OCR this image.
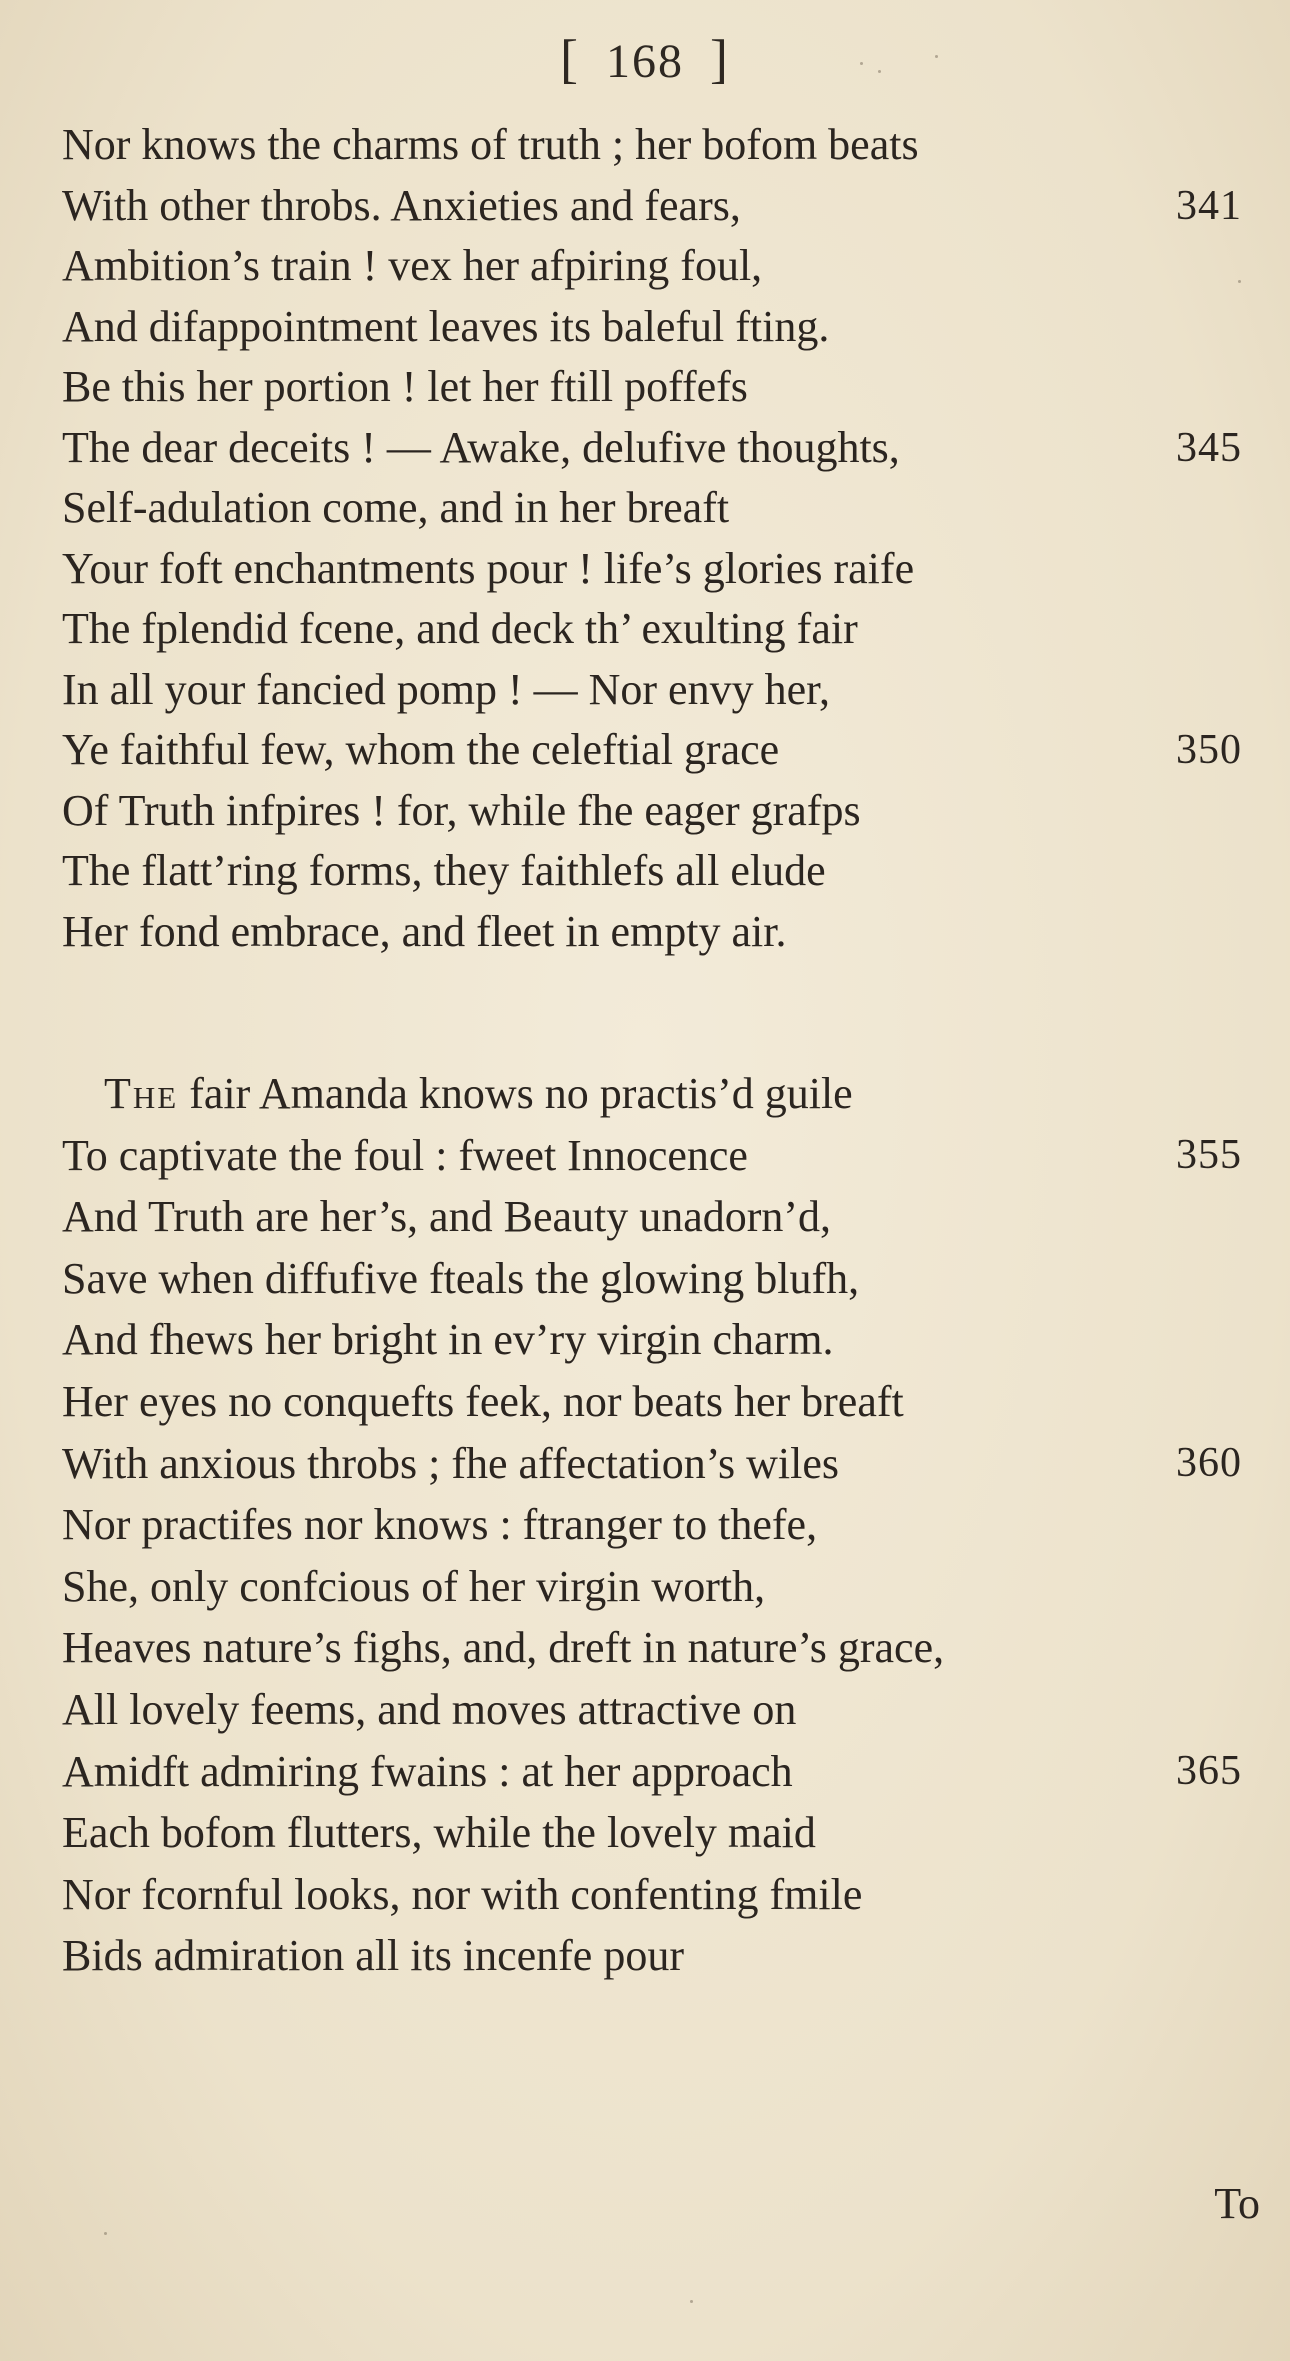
[ 168 ]
Nor knows the charms of truth ; her bofom beats
With other throbs. Anxieties and fears,	341
Ambition’s train ! vex her afpiring foul,
And difappointment leaves its baleful fting.
Be this her portion ! let her ftill poffefs
The dear deceits ! — Awake, delufive thoughts,	345
Self-adulation come, and in her breaft
Your foft enchantments pour ! life’s glories raife
The fplendid fcene, and deck th’ exulting fair
In all your fancied pomp ! — Nor envy her,
Ye faithful few, whom the celeftial grace	350
Of Truth infpires ! for, while fhe eager grafps
The flatt’ring forms, they faithlefs all elude
Her fond embrace, and fleet in empty air.
The fair Amanda knows no practis’d guile
To captivate the foul : fweet Innocence	355
And Truth are her’s, and Beauty unadorn’d,
Save when diffufive fteals the glowing blufh,
And fhews her bright in ev’ry virgin charm.
Her eyes no conquefts feek, nor beats her breaft
With anxious throbs ; fhe affectation’s wiles	360
Nor practifes nor knows : ftranger to thefe,
She, only confcious of her virgin worth,
Heaves nature’s fighs, and, dreft in nature’s grace,
All lovely feems, and moves attractive on
Amidft admiring fwains : at her approach	365
Each bofom flutters, while the lovely maid
Nor fcornful looks, nor with confenting fmile
Bids admiration all its incenfe pour
To
